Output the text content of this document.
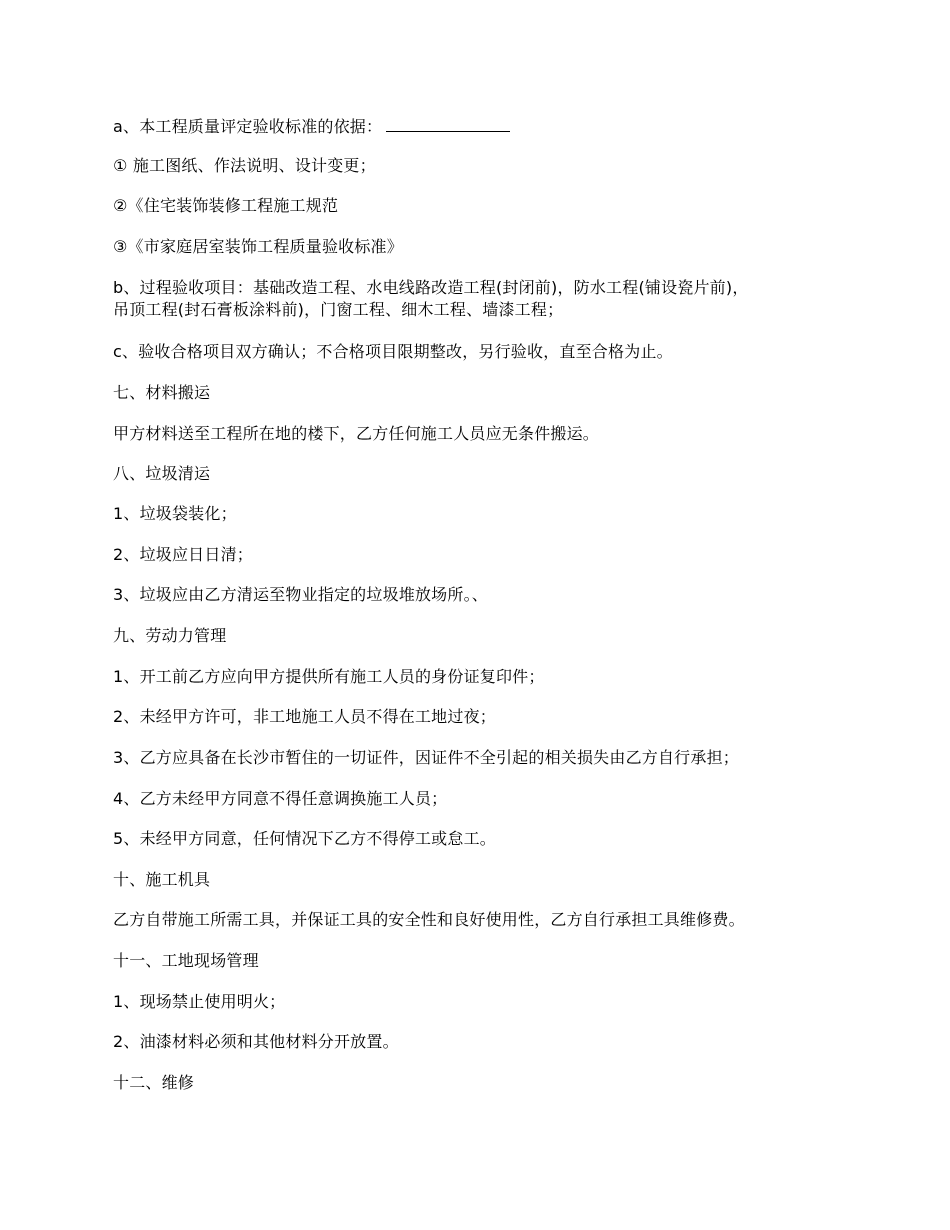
a、本工程质量评定验收标准的依据：
① 施工图纸、作法说明、设计变更；
②《住宅装饰装修工程施工规范
③《市家庭居室装饰工程质量验收标准》
b、过程验收项目：基础改造工程、水电线路改造工程(封闭前)，防水工程(铺设瓷片前)，
吊顶工程(封石膏板涂料前)，门窗工程、细木工程、墙漆工程；
c、验收合格项目双方确认；不合格项目限期整改，另行验收，直至合格为止。
七、材料搬运
甲方材料送至工程所在地的楼下，乙方任何施工人员应无条件搬运。
八、垃圾清运
1、垃圾袋装化；
2、垃圾应日日清；
3、垃圾应由乙方清运至物业指定的垃圾堆放场所。、
九、劳动力管理
1、开工前乙方应向甲方提供所有施工人员的身份证复印件；
2、未经甲方许可，非工地施工人员不得在工地过夜；
3、乙方应具备在长沙市暂住的一切证件，因证件不全引起的相关损失由乙方自行承担；
4、乙方未经甲方同意不得任意调换施工人员；
5、未经甲方同意，任何情况下乙方不得停工或怠工。
十、施工机具
乙方自带施工所需工具，并保证工具的安全性和良好使用性，乙方自行承担工具维修费。
十一、工地现场管理
1、现场禁止使用明火；
2、油漆材料必须和其他材料分开放置。
十二、维修
